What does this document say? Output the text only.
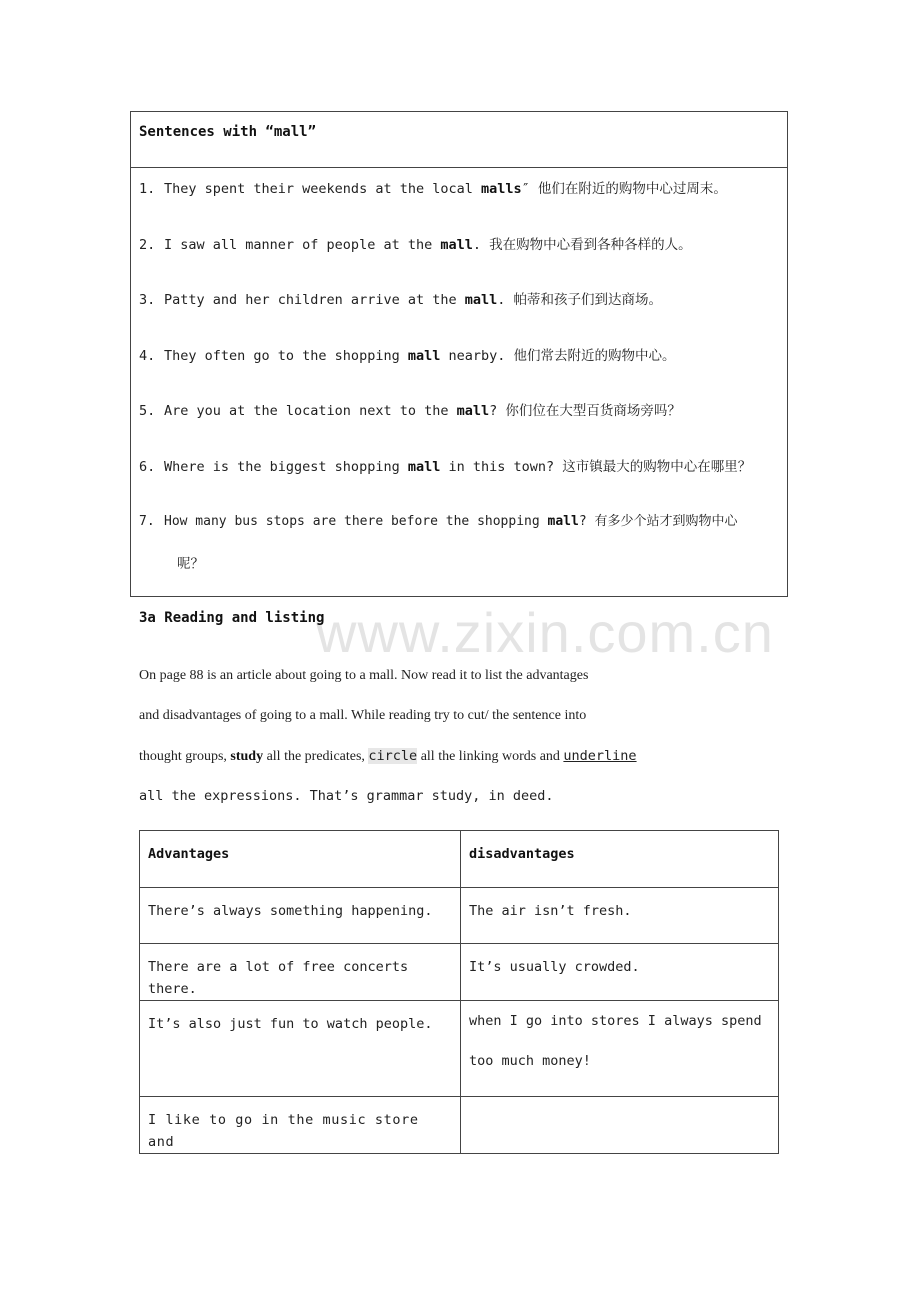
Sentences with “mall”
1. They spent their weekends at the local malls″ 他们在附近的购物中心过周末。
2. I saw all manner of people at the mall. 我在购物中心看到各种各样的人。
3. Patty and her children arrive at the mall. 帕蒂和孩子们到达商场。
4. They often go to the shopping mall nearby. 他们常去附近的购物中心。
5. Are you at the location next to the mall? 你们位在大型百货商场旁吗？
6. Where is the biggest shopping mall in this town? 这市镇最大的购物中心在哪里？
7. How many bus stops are there before the shopping mall? 有多少个站才到购物中心
呢？
www.zixin.com.cn
3a Reading and listing
On page 88 is an article about going to a mall. Now read it to list the advantages
and disadvantages of going to a mall. While reading try to cut/ the sentence into
thought groups, study all the predicates, circle all the linking words and underline
all the expressions. That’s grammar study, in deed.
Advantages	disadvantages
There’s always something happening.	The air isn’t fresh.
There are a lot of free concerts there.	It’s usually crowded.
It’s also just fun to watch people.	when I go into stores I always spend too much money!
I like to go in the music store and	
